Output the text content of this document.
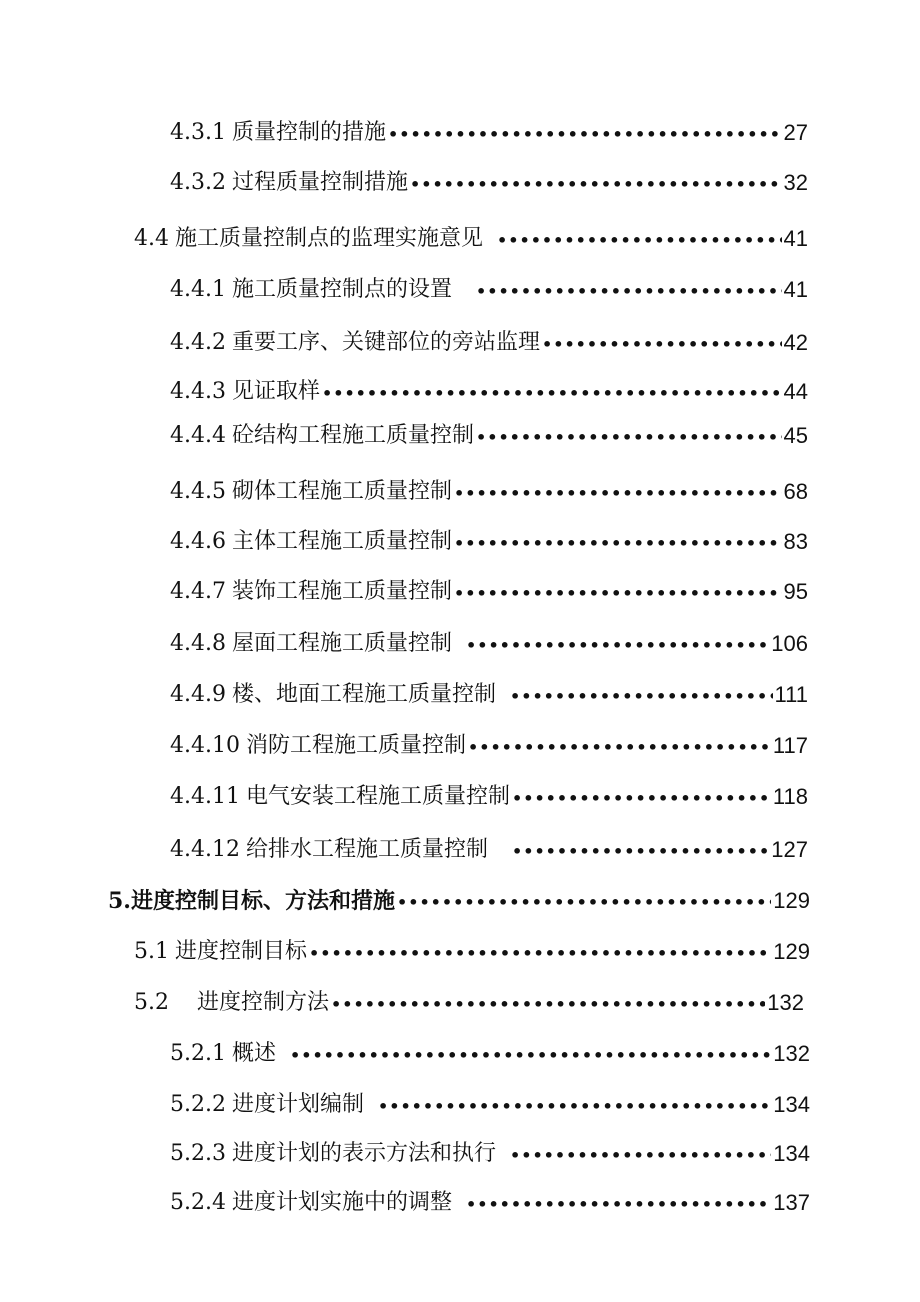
4.3.1 质量控制的措施 •••••	27
4.3.2 过程质量控制措施 •••••	32
4.4 施工质量控制点的监理实施意见 •••••	41
4.4.1 施工质量控制点的设置 •••••	41
4.4.2 重要工序、关键部位的旁站监理 •••••	42
4.4.3 见证取样 •••••	44
4.4.4 砼结构工程施工质量控制 •••••	45
4.4.5 砌体工程施工质量控制 •••••	68
4.4.6 主体工程施工质量控制 •••••	83
4.4.7 装饰工程施工质量控制 •••••	95
4.4.8 屋面工程施工质量控制 •••••	106
4.4.9 楼、地面工程施工质量控制 •••••	111
4.4.10 消防工程施工质量控制 •••••	117
4.4.11 电气安装工程施工质量控制 •••••	118
4.4.12 给排水工程施工质量控制 •••••	127
5. 进度控制目标、方法和措施 •••••	129
5.1 进度控制目标 •••••	129
5.2 进度控制方法 •••••	132
5.2.1 概述 •••••	132
5.2.2 进度计划编制 •••••	134
5.2.3 进度计划的表示方法和执行 •••••	134
5.2.4 进度计划实施中的调整 •••••	137
